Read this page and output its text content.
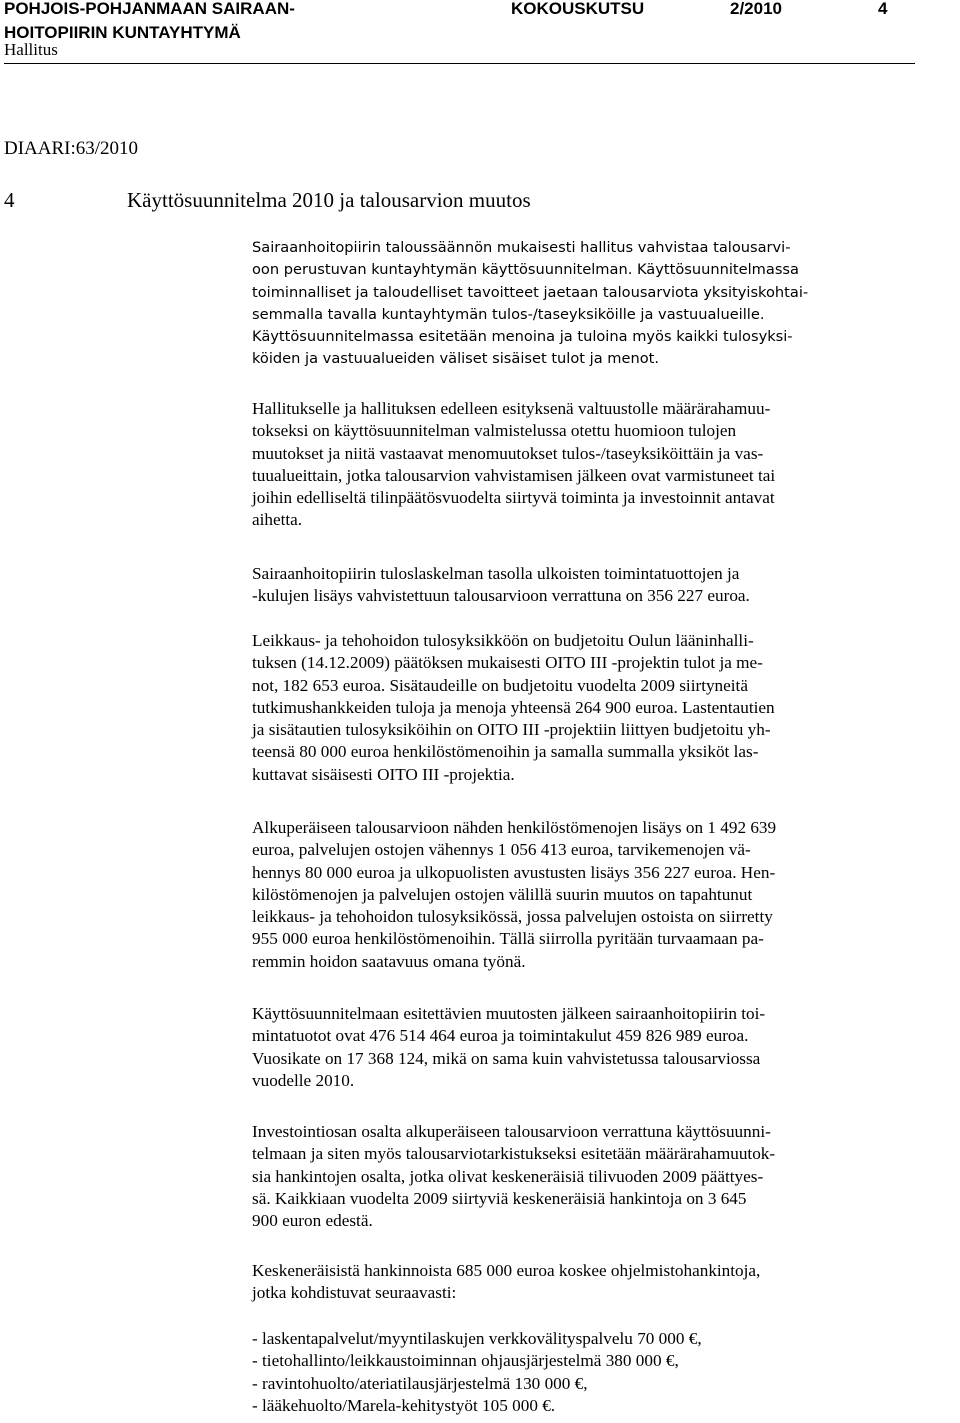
POHJOIS-POHJANMAAN SAIRAAN-
HOITOPIIRIN KUNTAYHTYMÄ
KOKOUSKUTSU	2/2010	4
Hallitus
DIAARI:63/2010
4	Käyttösuunnitelma 2010 ja talousarvion muutos
Sairaanhoitopiirin taloussäännön mukaisesti hallitus vahvistaa talousarvi-
oon perustuvan kuntayhtymän käyttösuunnitelman. Käyttösuunnitelmassa
toiminnalliset ja taloudelliset tavoitteet jaetaan talousarviota yksityiskohtai-
semmalla tavalla kuntayhtymän tulos-/taseyksiköille ja vastuualueille.
Käyttösuunnitelmassa esitetään menoina ja tuloina myös kaikki tulosyksi-
köiden ja vastuualueiden väliset sisäiset tulot ja menot.
Hallitukselle ja hallituksen edelleen esityksenä valtuustolle määrärahamuu-
tokseksi on käyttösuunnitelman valmistelussa otettu huomioon tulojen
muutokset ja niitä vastaavat menomuutokset tulos-/taseyksiköittäin ja vas-
tuualueittain, jotka talousarvion vahvistamisen jälkeen ovat varmistuneet tai
joihin edelliseltä tilinpäätösvuodelta siirtyvä toiminta ja investoinnit antavat
aihetta.
Sairaanhoitopiirin tuloslaskelman tasolla ulkoisten toimintatuottojen ja
-kulujen lisäys vahvistettuun talousarvioon verrattuna on 356 227 euroa.
Leikkaus- ja tehohoidon tulosyksikköön on budjetoitu Oulun lääninhalli-
tuksen (14.12.2009) päätöksen mukaisesti OITO III -projektin tulot ja me-
not, 182 653 euroa. Sisätaudeille on budjetoitu vuodelta 2009 siirtyneitä
tutkimushankkeiden tuloja ja menoja yhteensä 264 900 euroa. Lastentautien
ja sisätautien tulosyksiköihin on OITO III -projektiin liittyen budjetoitu yh-
teensä 80 000 euroa henkilöstömenoihin ja samalla summalla yksiköt las-
kuttavat sisäisesti OITO III -projektia.
Alkuperäiseen talousarvioon nähden henkilöstömenojen lisäys on 1 492 639
euroa, palvelujen ostojen vähennys 1 056 413 euroa, tarvikemenojen vä-
hennys 80 000 euroa ja ulkopuolisten avustusten lisäys 356 227 euroa. Hen-
kilöstömenojen ja palvelujen ostojen välillä suurin muutos on tapahtunut
leikkaus- ja tehohoidon tulosyksikössä, jossa palvelujen ostoista on siirretty
955 000 euroa henkilöstömenoihin. Tällä siirrolla pyritään turvaamaan pa-
remmin hoidon saatavuus omana työnä.
Käyttösuunnitelmaan esitettävien muutosten jälkeen sairaanhoitopiirin toi-
mintatuotot ovat 476 514 464 euroa ja toimintakulut 459 826 989 euroa.
Vuosikate on 17 368 124, mikä on sama kuin vahvistetussa talousarviossa
vuodelle 2010.
Investointiosan osalta alkuperäiseen talousarvioon verrattuna käyttösuunni-
telmaan ja siten myös talousarviotarkistukseksi esitetään määrärahamuutok-
sia hankintojen osalta, jotka olivat keskeneräisiä tilivuoden 2009 päättyes-
sä. Kaikkiaan vuodelta 2009 siirtyviä keskeneräisiä hankintoja on 3 645
900 euron edestä.
Keskeneräisistä hankinnoista 685 000 euroa koskee ohjelmistohankintoja,
jotka kohdistuvat seuraavasti:
- laskentapalvelut/myyntilaskujen verkkovälityspalvelu 70 000 €,
- tietohallinto/leikkaustoiminnan ohjausjärjestelmä 380 000 €,
- ravintohuolto/ateriatilausjärjestelmä 130 000 €,
- lääkehuolto/Marela-kehitystyöt 105 000 €.
